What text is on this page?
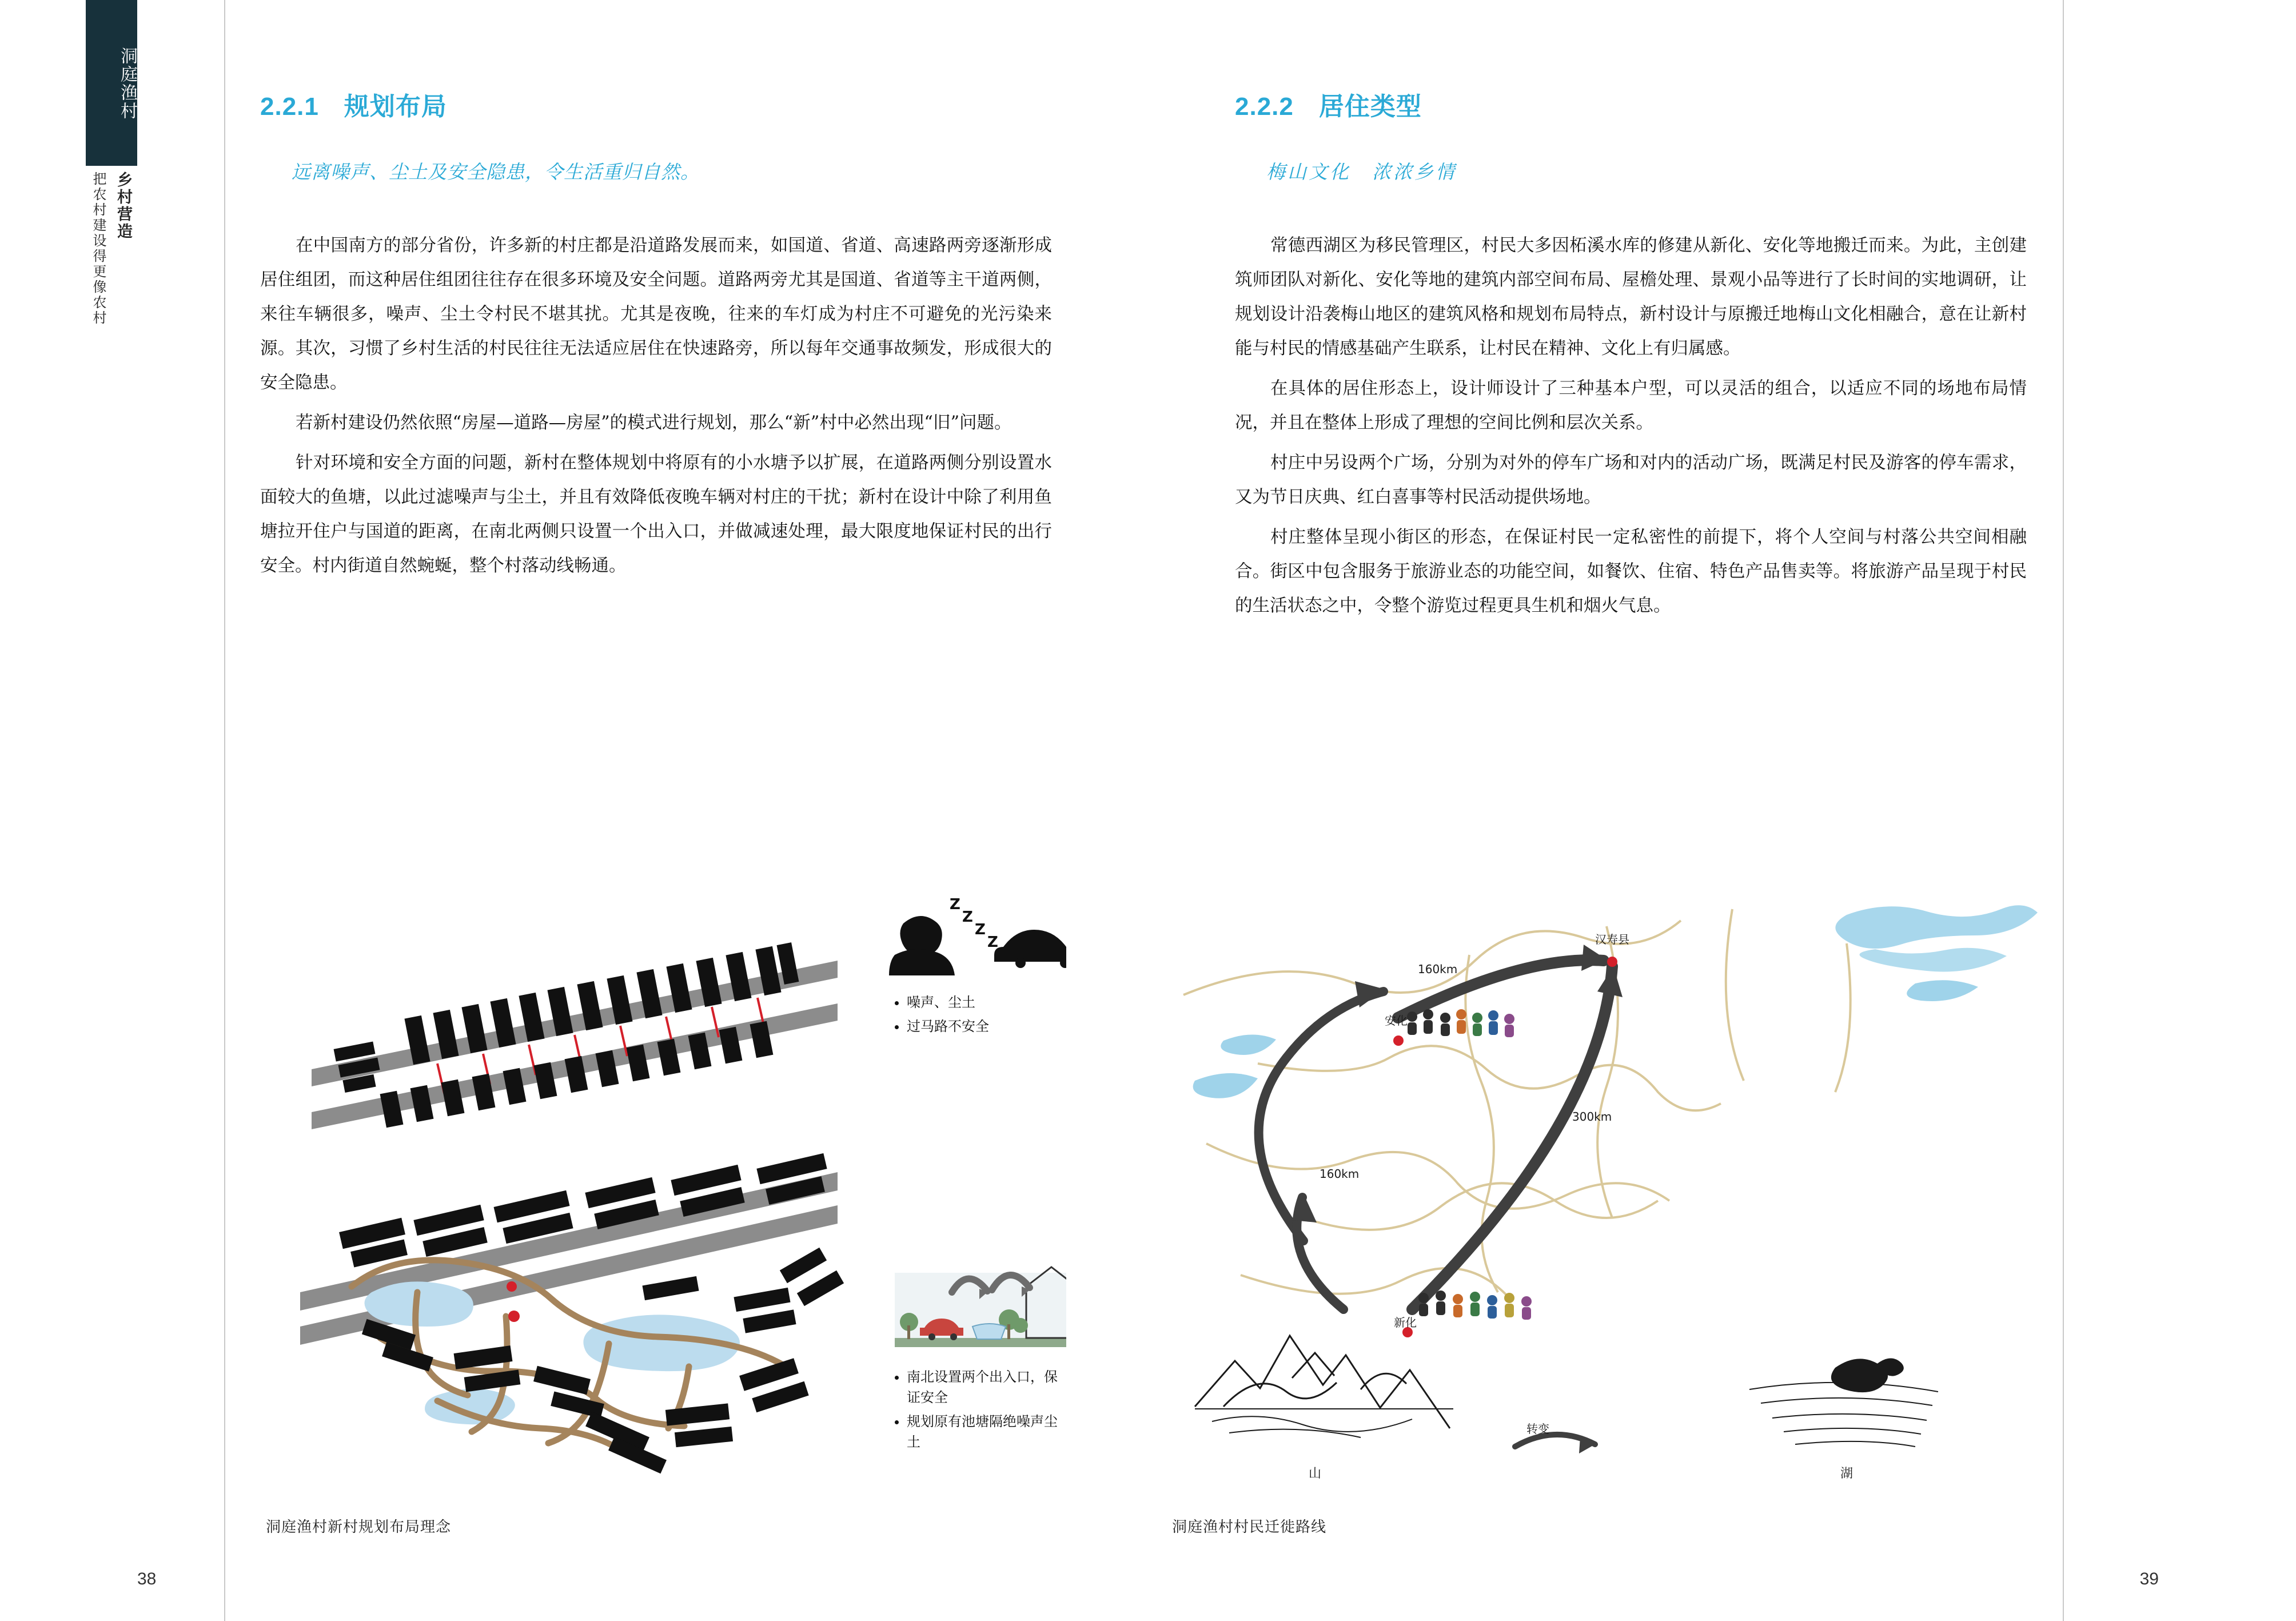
洞庭渔村
乡村营造
把农村建设得更像农村
2.2.1 规划布局
远离噪声、尘土及安全隐患，令生活重归自然。

在中国南方的部分省份，许多新的村庄都是沿道路发展而来，如国道、省道、高速路两旁逐渐形成居住组团，而这种居住组团往往存在很多环境及安全问题。道路两旁尤其是国道、省道等主干道两侧，来往车辆很多，噪声、尘土令村民不堪其扰。尤其是夜晚，往来的车灯成为村庄不可避免的光污染来源。其次，习惯了乡村生活的村民往往无法适应居住在快速路旁，所以每年交通事故频发，形成很大的安全隐患。

若新村建设仍然依照“房屋—道路—房屋”的模式进行规划，那么“新”村中必然出现“旧”问题。

针对环境和安全方面的问题，新村在整体规划中将原有的小水塘予以扩展，在道路两侧分别设置水面较大的鱼塘，以此过滤噪声与尘土，并且有效降低夜晚车辆对村庄的干扰；新村在设计中除了利用鱼塘拉开住户与国道的距离，在南北两侧只设置一个出入口，并做减速处理，最大限度地保证村民的出行安全。村内街道自然蜿蜒，整个村落动线畅通。

Z
Z
Z
Z
• 噪声、尘土
• 过马路不安全
• 南北设置两个出入口，保证安全
• 规划原有池塘隔绝噪声尘土
洞庭渔村新村规划布局理念
38
2.2.2 居住类型
梅山文化　浓浓乡情

常德西湖区为移民管理区，村民大多因柘溪水库的修建从新化、安化等地搬迁而来。为此，主创建筑师团队对新化、安化等地的建筑内部空间布局、屋檐处理、景观小品等进行了长时间的实地调研，让规划设计沿袭梅山地区的建筑风格和规划布局特点，新村设计与原搬迁地梅山文化相融合，意在让新村能与村民的情感基础产生联系，让村民在精神、文化上有归属感。

在具体的居住形态上，设计师设计了三种基本户型，可以灵活的组合，以适应不同的场地布局情况，并且在整体上形成了理想的空间比例和层次关系。

村庄中另设两个广场，分别为对外的停车广场和对内的活动广场，既满足村民及游客的停车需求，又为节日庆典、红白喜事等村民活动提供场地。

村庄整体呈现小街区的形态，在保证村民一定私密性的前提下，将个人空间与村落公共空间相融合。街区中包含服务于旅游业态的功能空间，如餐饮、住宿、特色产品售卖等。将旅游产品呈现于村民的生活状态之中，令整个游览过程更具生机和烟火气息。

160km
160km
300km
汉寿县
安化
新化
转变
山	湖
洞庭渔村村民迁徙路线
39
